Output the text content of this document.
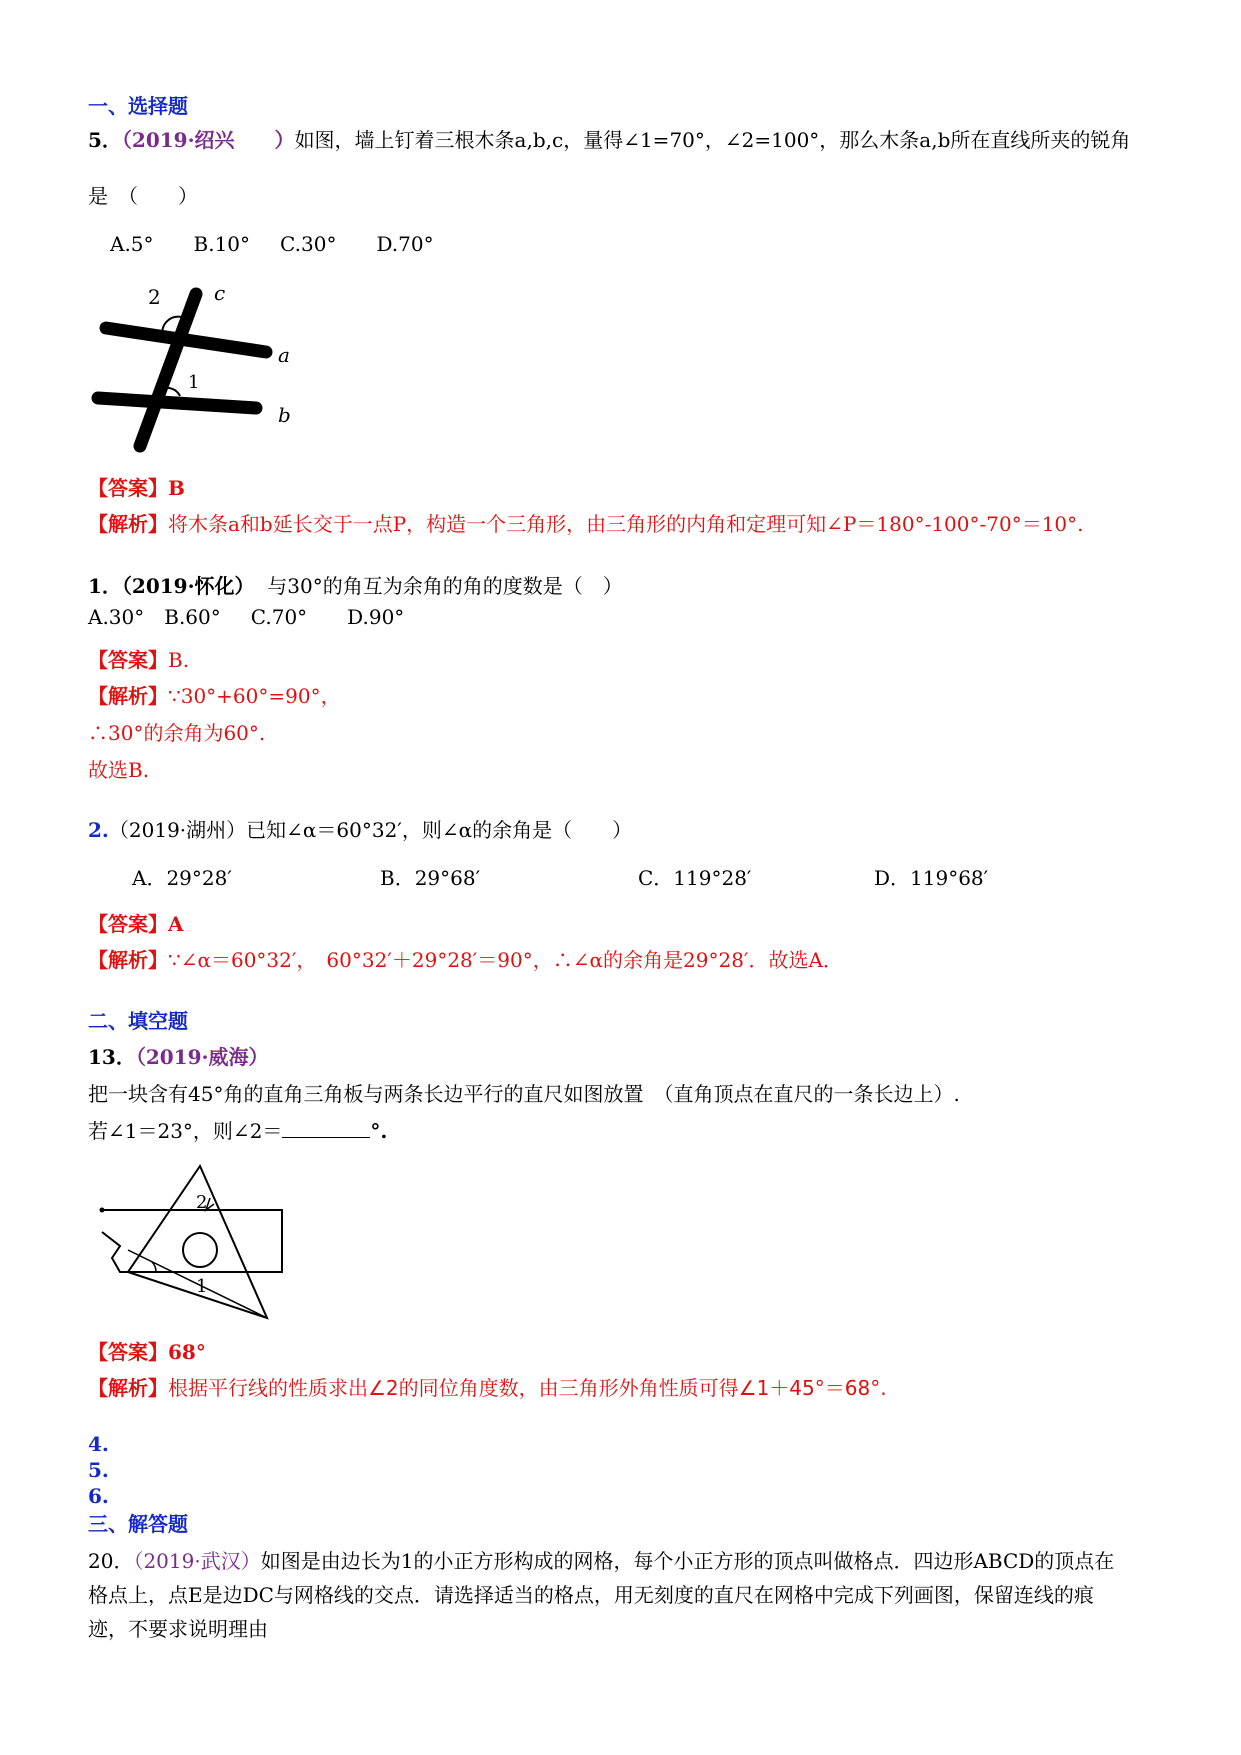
一、选择题
5．（2019·绍兴　　）如图，墙上钉着三根木条a,b,c，量得∠1=70°，∠2=100°，那么木条a,b所在直线所夹的锐角
是　（　　）
A.5° B.10° C.30° D.70°
2	c
a
1
b
【答案】B
【解析】将木条a和b延长交于一点P，构造一个三角形，由三角形的内角和定理可知∠P＝180°-100°-70°＝10°.
1．（2019·怀化） 与30°的角互为余角的角的度数是（　）
A.30° B.60° C.70° D.90°
【答案】B.
【解析】∵30°+60°=90°，
∴30°的余角为60°.
故选B.
2.（2019·湖州）已知∠α＝60°32′，则∠α的余角是（　　）
A．29°28′	B．29°68′	C．119°28′	D．119°68′
【答案】A
【解析】∵∠α＝60°32′，　60°32′＋29°28′＝90°，∴∠α的余角是29°28′．故选A．
二、填空题
13．（2019·威海）
把一块含有45°角的直角三角板与两条长边平行的直尺如图放置　（直角顶点在直尺的一条长边上）.
若∠1＝23°，则∠2＝	°.
2
1
【答案】68°
【解析】根据平行线的性质求出∠2的同位角度数，由三角形外角性质可得∠1＋45°＝68°.
4.
5.
6.
三、解答题
20．（2019·武汉）如图是由边长为1的小正方形构成的网格，每个小正方形的顶点叫做格点．四边形ABCD的顶点在
格点上，点E是边DC与网格线的交点．请选择适当的格点，用无刻度的直尺在网格中完成下列画图，保留连线的痕
迹，不要求说明理由
